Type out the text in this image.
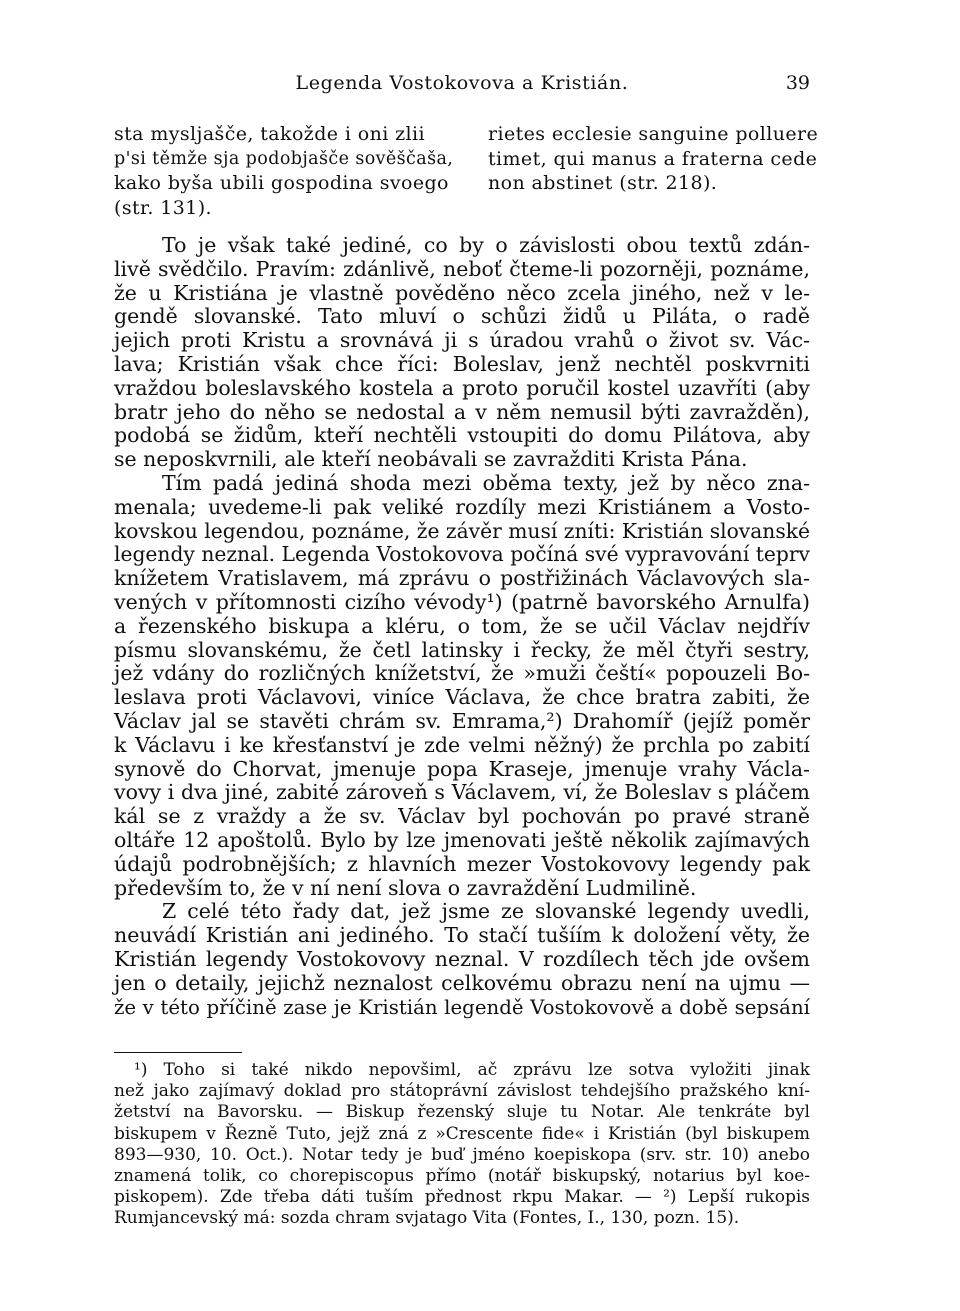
Legenda Vostokovova a Kristián.	39
sta mysljašče, takožde i oni zlii
p'si těmže sja podobjašče sověščaša,
kako byša ubili gospodina svoego
(str. 131).
rietes ecclesie sanguine polluere
timet, qui manus a fraterna cede
non abstinet (str. 218).
To je však také jediné, co by o závislosti obou textů zdán-
livě svědčilo. Pravím: zdánlivě, neboť čteme-li pozorněji, poznáme,
že u Kristiána je vlastně pověděno něco zcela jiného, než v le-
gendě slovanské. Tato mluví o schůzi židů u Piláta, o radě
jejich proti Kristu a srovnává ji s úradou vrahů o život sv. Vác-
lava; Kristián však chce říci: Boleslav, jenž nechtěl poskvrniti
vraždou boleslavského kostela a proto poručil kostel uzavříti (aby
bratr jeho do něho se nedostal a v něm nemusil býti zavražděn),
podobá se židům, kteří nechtěli vstoupiti do domu Pilátova, aby
se neposkvrnili, ale kteří neobávali se zavražditi Krista Pána.
Tím padá jediná shoda mezi oběma texty, jež by něco zna-
menala; uvedeme-li pak veliké rozdíly mezi Kristiánem a Vosto-
kovskou legendou, poznáme, že závěr musí zníti: Kristián slovanské
legendy neznal. Legenda Vostokovova počíná své vypravování teprv
knížetem Vratislavem, má zprávu o postřižinách Václavových sla-
vených v přítomnosti cizího vévody¹) (patrně bavorského Arnulfa)
a řezenského biskupa a kléru, o tom, že se učil Václav nejdřív
písmu slovanskému, že četl latinsky i řecky, že měl čtyři sestry,
jež vdány do rozličných knížetství, že »muži čeští« popouzeli Bo-
leslava proti Václavovi, viníce Václava, že chce bratra zabiti, že
Václav jal se stavěti chrám sv. Emrama,²) Drahomíř (jejíž poměr
k Václavu i ke křesťanství je zde velmi něžný) že prchla po zabití
synově do Chorvat, jmenuje popa Kraseje, jmenuje vrahy Václa-
vovy i dva jiné, zabité zároveň s Václavem, ví, že Boleslav s pláčem
kál se z vraždy a že sv. Václav byl pochován po pravé straně
oltáře 12 apoštolů. Bylo by lze jmenovati ještě několik zajímavých
údajů podrobnějších; z hlavních mezer Vostokovovy legendy pak
především to, že v ní není slova o zavraždění Ludmilině.
Z celé této řady dat, jež jsme ze slovanské legendy uvedli,
neuvádí Kristián ani jediného. To stačí tušíím k doložení věty, že
Kristián legendy Vostokovovy neznal. V rozdílech těch jde ovšem
jen o detaily, jejichž neznalost celkovému obrazu není na ujmu —
že v této příčině zase je Kristián legendě Vostokovově a době sepsání
¹) Toho si také nikdo nepovšiml, ač zprávu lze sotva vyložiti jinak
než jako zajímavý doklad pro státoprávní závislost tehdejšího pražského kní-
žetství na Bavorsku. — Biskup řezenský sluje tu Notar. Ale tenkráte byl
biskupem v Řezně Tuto, jejž zná z »Crescente fide« i Kristián (byl biskupem
893—930, 10. Oct.). Notar tedy je buď jméno koepiskopa (srv. str. 10) anebo
znamená tolik, co chorepiscopus přímo (notář biskupský, notarius byl koe-
piskopem). Zde třeba dáti tuším přednost rkpu Makar. — ²) Lepší rukopis
Rumjancevský má: sozda chram svjatago Vita (Fontes, I., 130, pozn. 15).
